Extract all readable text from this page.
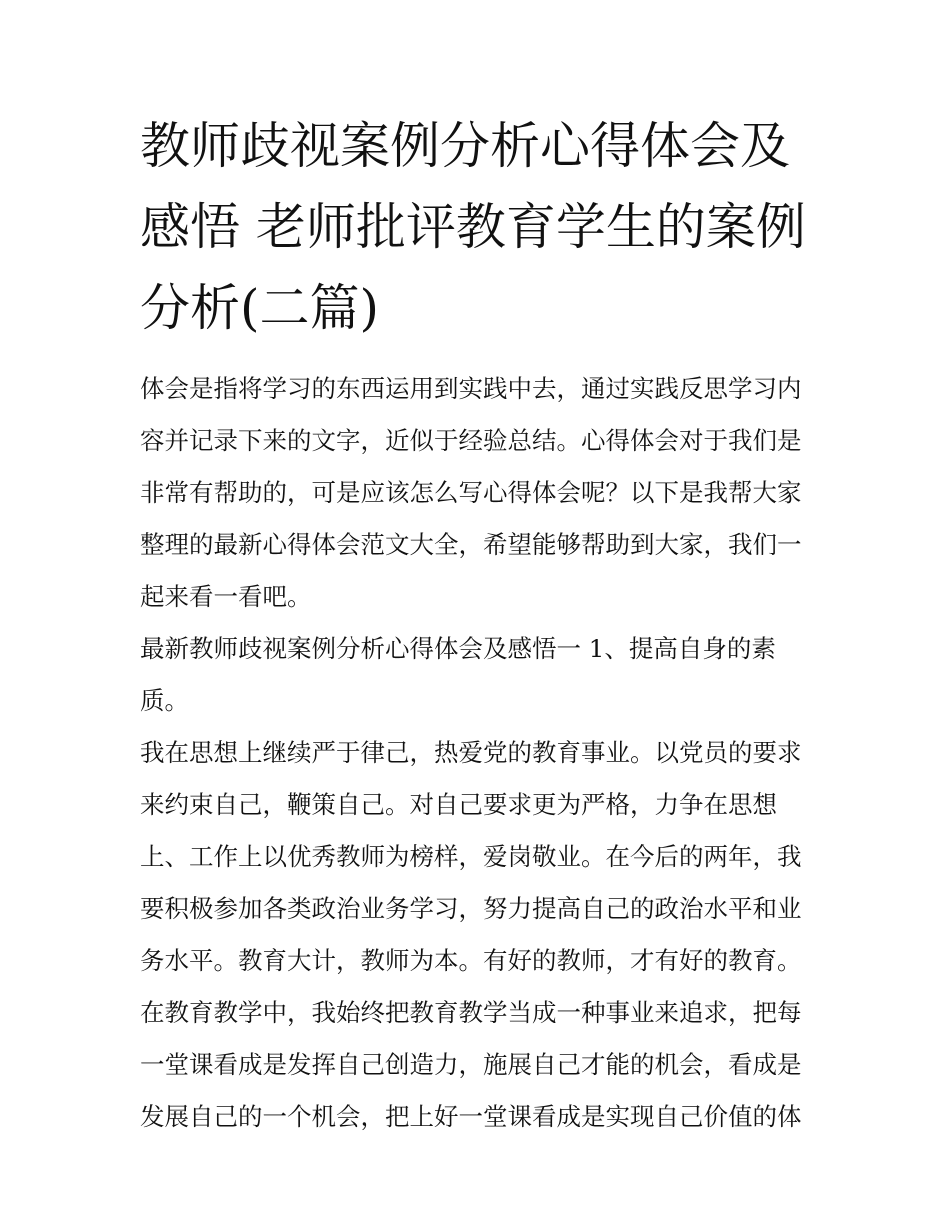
教师歧视案例分析心得体会及感悟 老师批评教育学生的案例分析(二篇)

体会是指将学习的东西运用到实践中去，通过实践反思学习内容并记录下来的文字，近似于经验总结。心得体会对于我们是非常有帮助的，可是应该怎么写心得体会呢？以下是我帮大家整理的最新心得体会范文大全，希望能够帮助到大家，我们一起来看一看吧。

最新教师歧视案例分析心得体会及感悟一 1、提高自身的素质。

我在思想上继续严于律己，热爱党的教育事业。以党员的要求来约束自己，鞭策自己。对自己要求更为严格，力争在思想上、工作上以优秀教师为榜样，爱岗敬业。在今后的两年，我要积极参加各类政治业务学习，努力提高自己的政治水平和业务水平。教育大计，教师为本。有好的教师，才有好的教育。在教育教学中，我始终把教育教学当成一种事业来追求，把每一堂课看成是发挥自己创造力，施展自己才能的机会，看成是发展自己的一个机会，把上好一堂课看成是实现自己价值的体
